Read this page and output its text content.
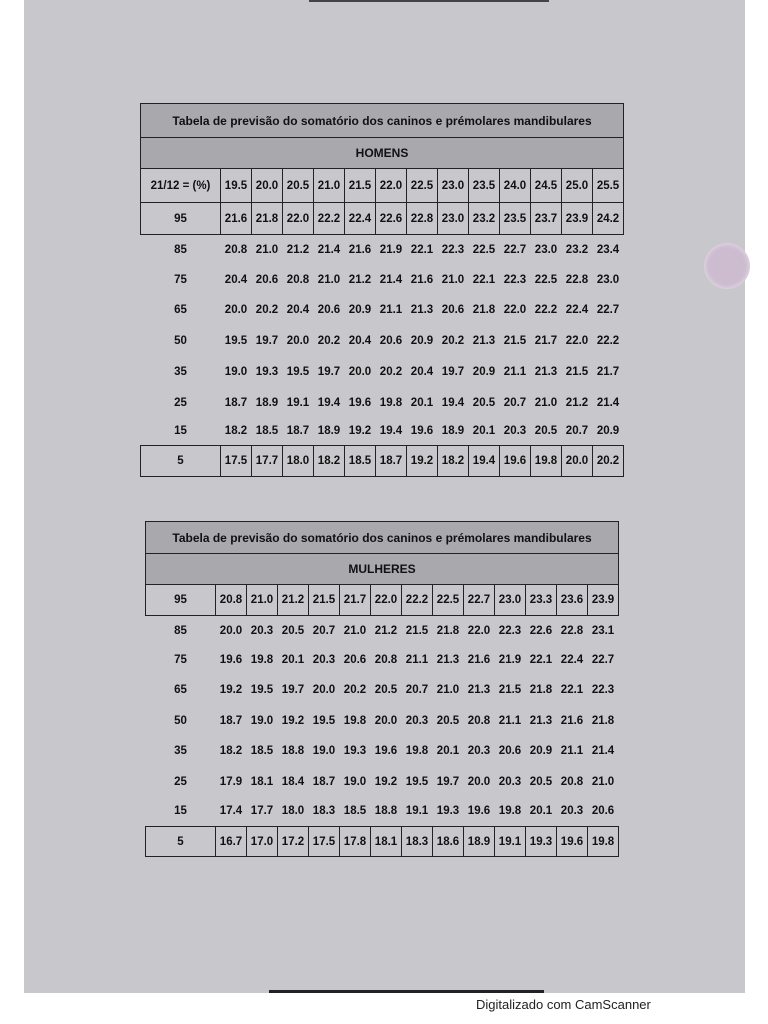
Tabela de previsão do somatório dos caninos e prémolares mandibulares													
HOMENS													
21/12 = (%)	19.5	20.0	20.5	21.0	21.5	22.0	22.5	23.0	23.5	24.0	24.5	25.0	25.5
95	21.6	21.8	22.0	22.2	22.4	22.6	22.8	23.0	23.2	23.5	23.7	23.9	24.2
85	20.8	21.0	21.2	21.4	21.6	21.9	22.1	22.3	22.5	22.7	23.0	23.2	23.4
75	20.4	20.6	20.8	21.0	21.2	21.4	21.6	21.0	22.1	22.3	22.5	22.8	23.0
65	20.0	20.2	20.4	20.6	20.9	21.1	21.3	20.6	21.8	22.0	22.2	22.4	22.7
50	19.5	19.7	20.0	20.2	20.4	20.6	20.9	20.2	21.3	21.5	21.7	22.0	22.2
35	19.0	19.3	19.5	19.7	20.0	20.2	20.4	19.7	20.9	21.1	21.3	21.5	21.7
25	18.7	18.9	19.1	19.4	19.6	19.8	20.1	19.4	20.5	20.7	21.0	21.2	21.4
15	18.2	18.5	18.7	18.9	19.2	19.4	19.6	18.9	20.1	20.3	20.5	20.7	20.9
5	17.5	17.7	18.0	18.2	18.5	18.7	19.2	18.2	19.4	19.6	19.8	20.0	20.2
Tabela de previsão do somatório dos caninos e prémolares mandibulares													
MULHERES													
95	20.8	21.0	21.2	21.5	21.7	22.0	22.2	22.5	22.7	23.0	23.3	23.6	23.9
85	20.0	20.3	20.5	20.7	21.0	21.2	21.5	21.8	22.0	22.3	22.6	22.8	23.1
75	19.6	19.8	20.1	20.3	20.6	20.8	21.1	21.3	21.6	21.9	22.1	22.4	22.7
65	19.2	19.5	19.7	20.0	20.2	20.5	20.7	21.0	21.3	21.5	21.8	22.1	22.3
50	18.7	19.0	19.2	19.5	19.8	20.0	20.3	20.5	20.8	21.1	21.3	21.6	21.8
35	18.2	18.5	18.8	19.0	19.3	19.6	19.8	20.1	20.3	20.6	20.9	21.1	21.4
25	17.9	18.1	18.4	18.7	19.0	19.2	19.5	19.7	20.0	20.3	20.5	20.8	21.0
15	17.4	17.7	18.0	18.3	18.5	18.8	19.1	19.3	19.6	19.8	20.1	20.3	20.6
5	16.7	17.0	17.2	17.5	17.8	18.1	18.3	18.6	18.9	19.1	19.3	19.6	19.8
Digitalizado com CamScanner
